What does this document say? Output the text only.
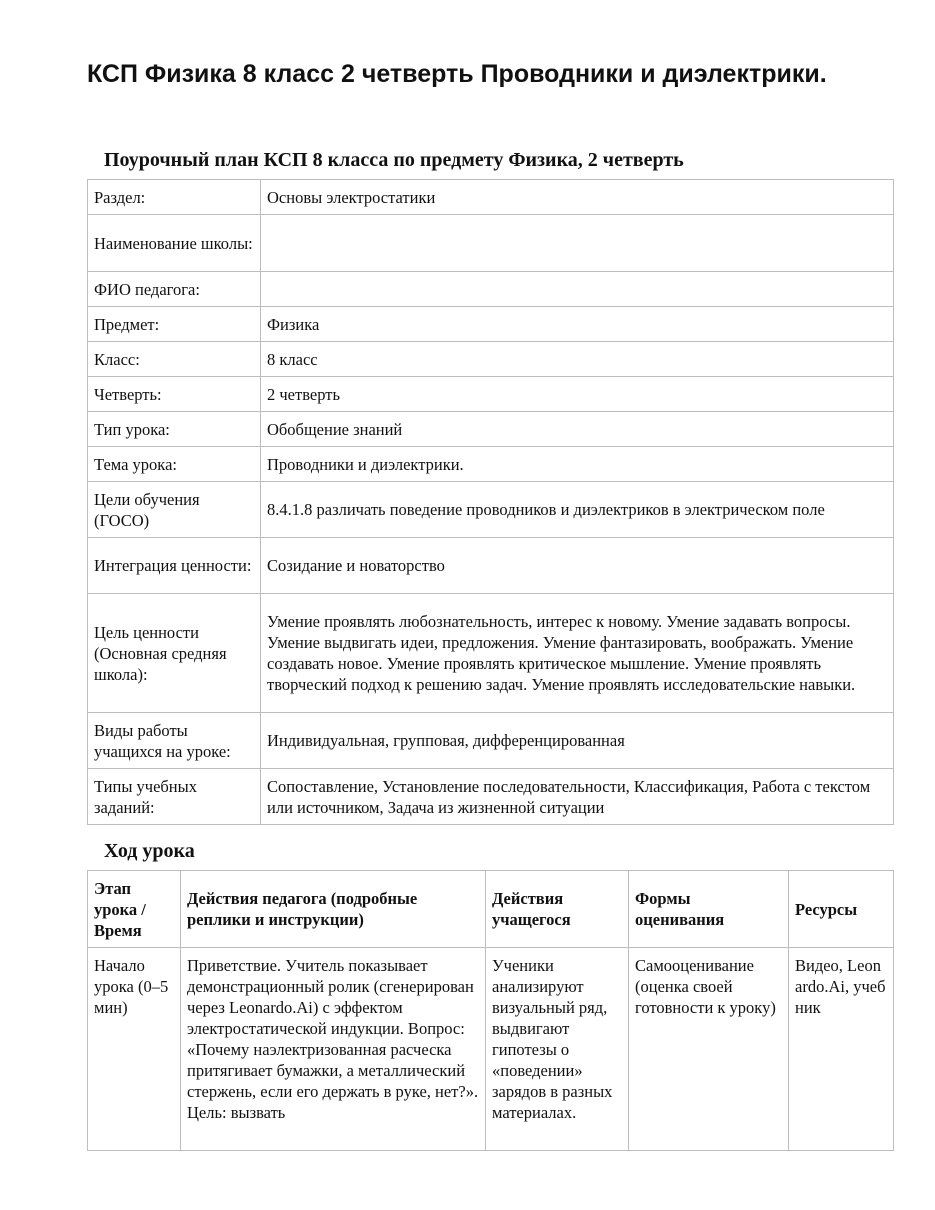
КСП Физика 8 класс 2 четверть Проводники и диэлектрики.
Поурочный план КСП 8 класса по предмету Физика, 2 четверть
Раздел:	Основы электростатики
Наименование школы:	
ФИО педагога:	
Предмет:	Физика
Класс:	8 класс
Четверть:	2 четверть
Тип урока:	Обобщение знаний
Тема урока:	Проводники и диэлектрики.
Цели обучения (ГОСО)	8.4.1.8 различать поведение проводников и диэлектриков в электрическом поле
Интеграция ценности:	Созидание и новаторство
Цель ценности (Основная средняя школа):	Умение проявлять любознательность, интерес к новому. Умение задавать вопросы. Умение выдвигать идеи, предложения. Умение фантазировать, воображать. Умение создавать новое. Умение проявлять критическое мышление. Умение проявлять творческий подход к решению задач. Умение проявлять исследовательские навыки.
Виды работы учащихся на уроке:	Индивидуальная, групповая, дифференцированная
Типы учебных заданий:	Сопоставление, Установление последовательности, Классификация, Работа с текстом или источником, Задача из жизненной ситуации
Ход урока
Этап урока / Время	Действия педагога (подробные реплики и инструкции)	Действия учащегося	Формы оценивания	Ресурсы
Начало урока (0–5 мин)	Приветствие. Учитель показывает демонстрационный ролик (сгенерирован через Leonardo.Ai) с эффектом электростатической индукции. Вопрос: «Почему наэлектризованная расческа притягивает бумажки, а металлический стержень, если его держать в руке, нет?». Цель: вызвать	Ученики анализируют визуальный ряд, выдвигают гипотезы о «поведении» зарядов в разных материалах.	Самооценивание (оценка своей готовности к уроку)	Видео, Leonardo.Ai, учебник
